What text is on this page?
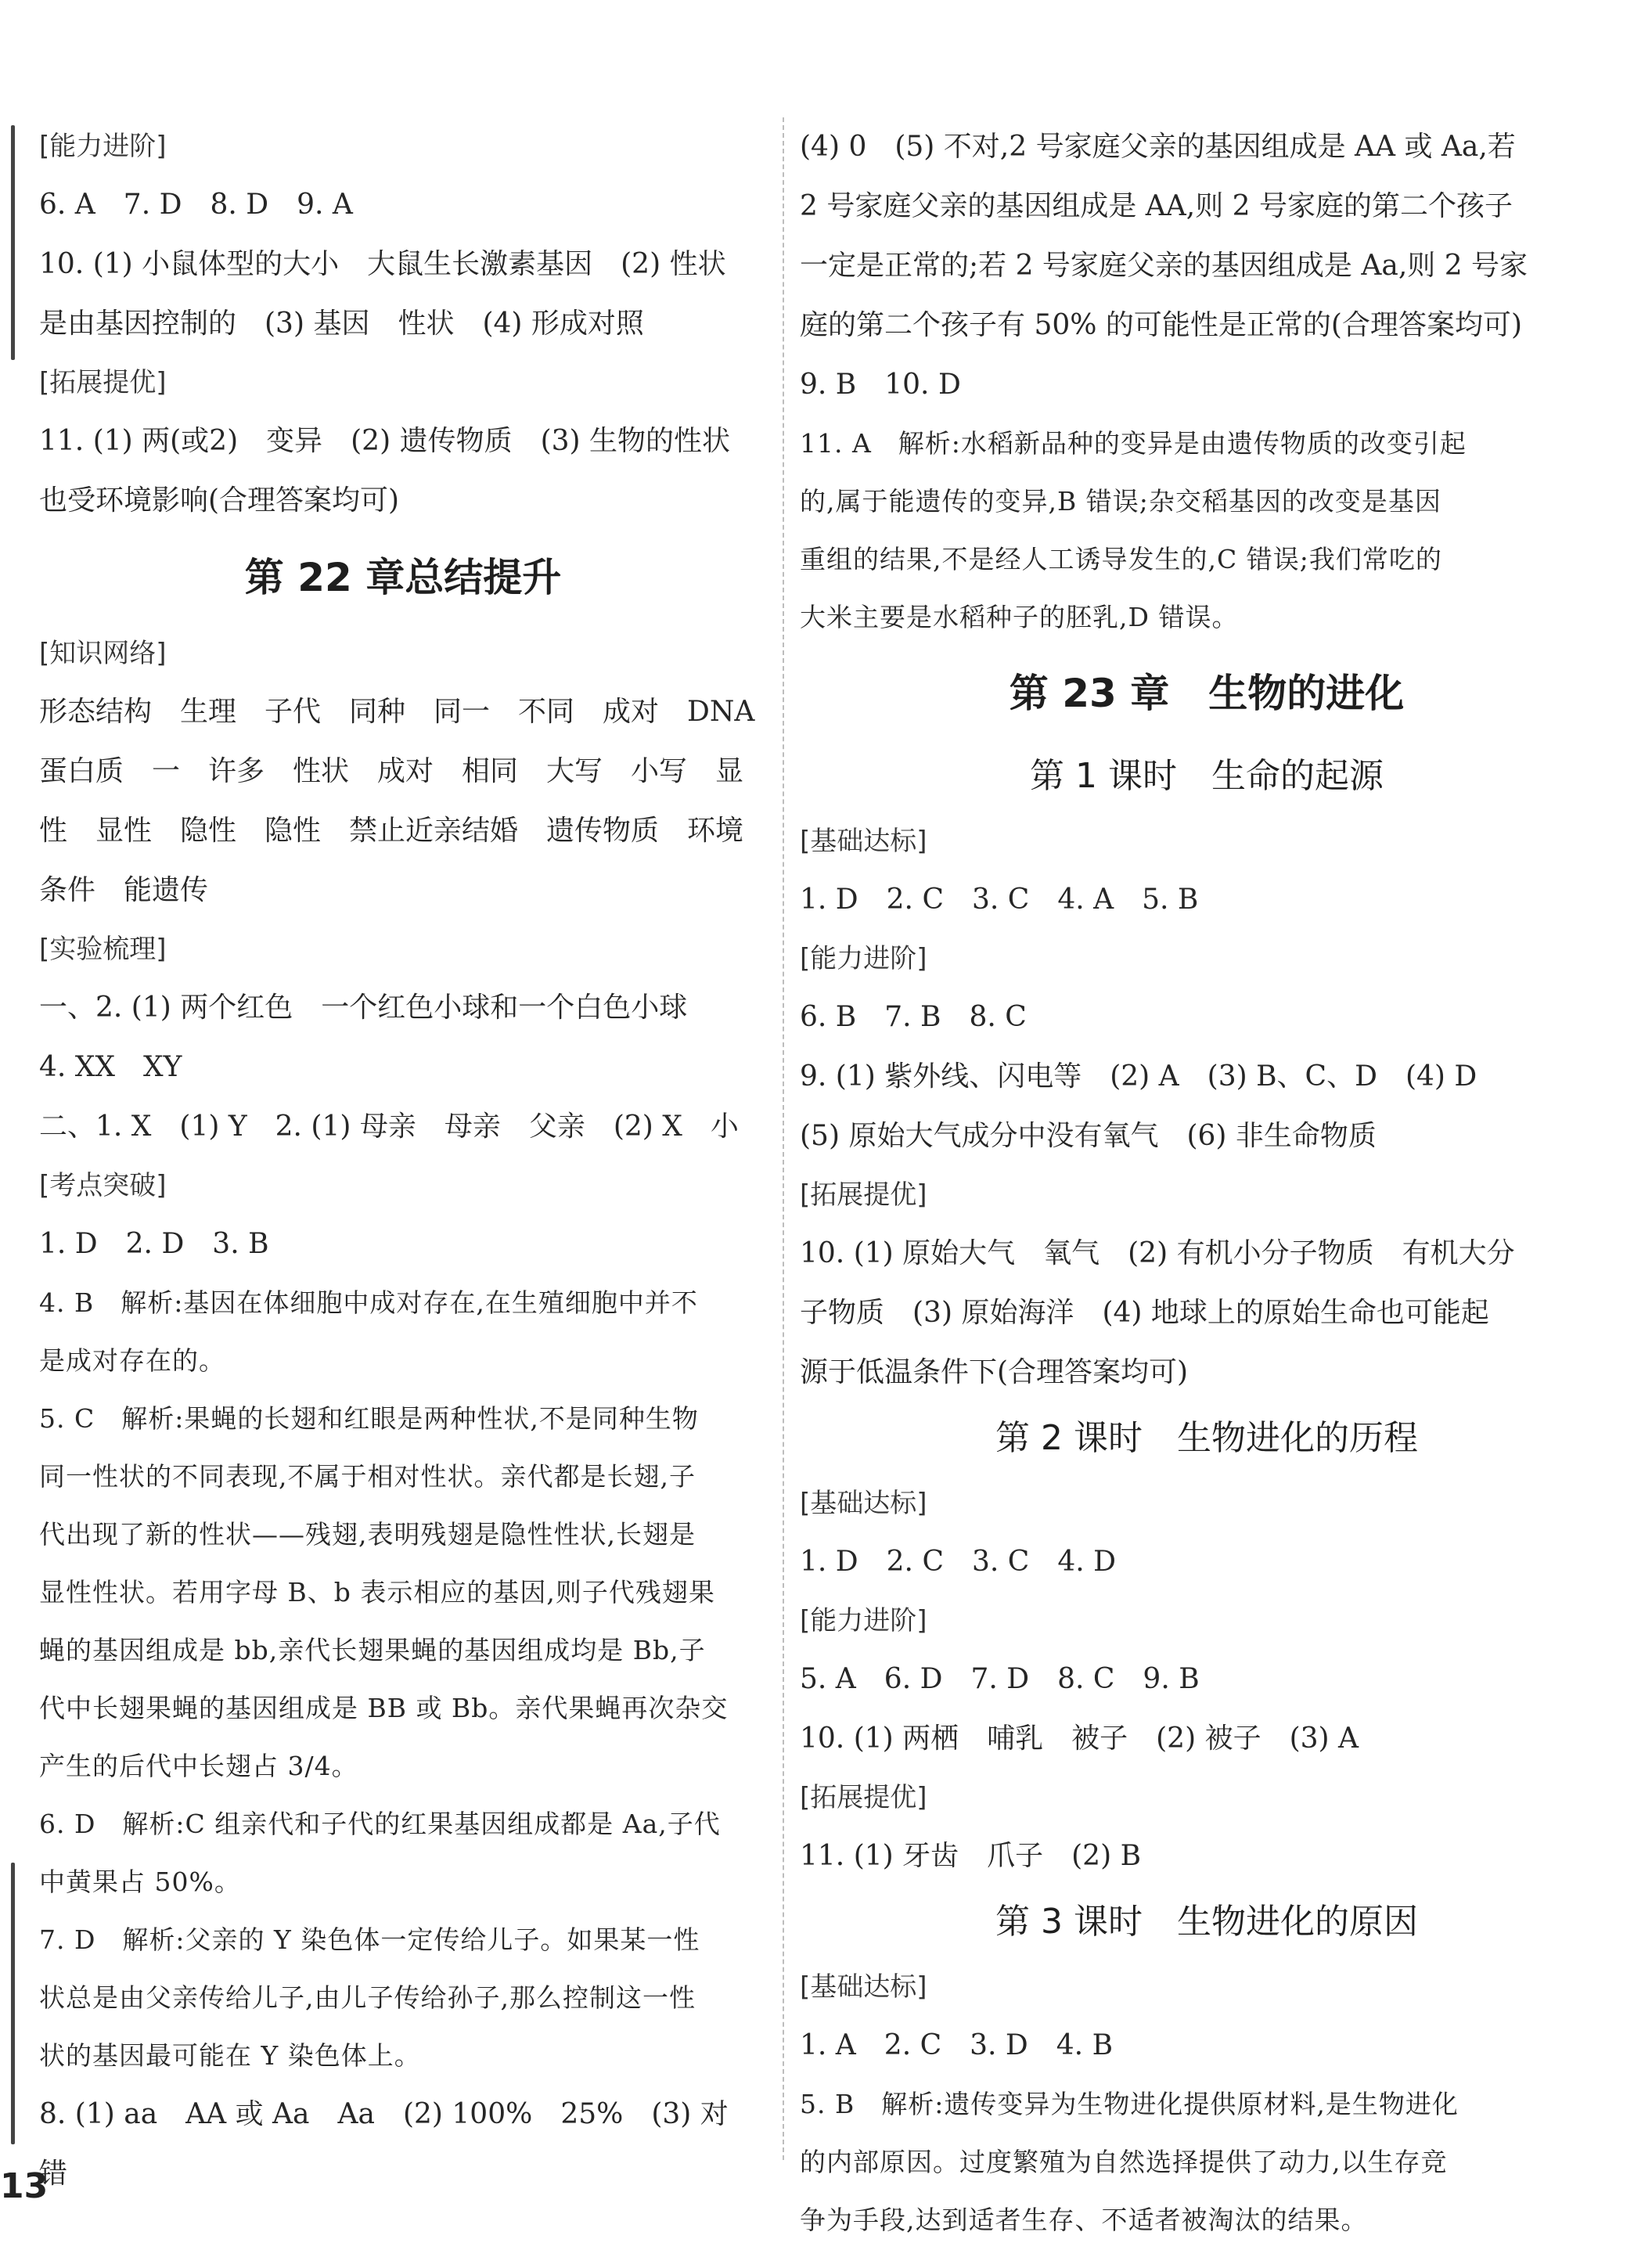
[能力进阶]
6. A　7. D　8. D　9. A
10. (1) 小鼠体型的大小　大鼠生长激素基因　(2) 性状
是由基因控制的　(3) 基因　性状　(4) 形成对照
[拓展提优]
11. (1) 两(或2)　变异　(2) 遗传物质　(3) 生物的性状
也受环境影响(合理答案均可)
第 22 章总结提升
[知识网络]
形态结构　生理　子代　同种　同一　不同　成对　DNA
蛋白质　一　许多　性状　成对　相同　大写　小写　显
性　显性　隐性　隐性　禁止近亲结婚　遗传物质　环境
条件　能遗传
[实验梳理]
一、2. (1) 两个红色　一个红色小球和一个白色小球
4. XX　XY
二、1. X　(1) Y　2. (1) 母亲　母亲　父亲　(2) X　小
[考点突破]
1. D　2. D　3. B
4. B　解析:基因在体细胞中成对存在,在生殖细胞中并不
是成对存在的。
5. C　解析:果蝇的长翅和红眼是两种性状,不是同种生物
同一性状的不同表现,不属于相对性状。亲代都是长翅,子
代出现了新的性状——残翅,表明残翅是隐性性状,长翅是
显性性状。若用字母 B、b 表示相应的基因,则子代残翅果
蝇的基因组成是 bb,亲代长翅果蝇的基因组成均是 Bb,子
代中长翅果蝇的基因组成是 BB 或 Bb。亲代果蝇再次杂交
产生的后代中长翅占 3/4。
6. D　解析:C 组亲代和子代的红果基因组成都是 Aa,子代
中黄果占 50%。
7. D　解析:父亲的 Y 染色体一定传给儿子。如果某一性
状总是由父亲传给儿子,由儿子传给孙子,那么控制这一性
状的基因最可能在 Y 染色体上。
8. (1) aa　AA 或 Aa　Aa　(2) 100%　25%　(3) 对　错
(4) 0　(5) 不对,2 号家庭父亲的基因组成是 AA 或 Aa,若
2 号家庭父亲的基因组成是 AA,则 2 号家庭的第二个孩子
一定是正常的;若 2 号家庭父亲的基因组成是 Aa,则 2 号家
庭的第二个孩子有 50% 的可能性是正常的(合理答案均可)
9. B　10. D
11. A　解析:水稻新品种的变异是由遗传物质的改变引起
的,属于能遗传的变异,B 错误;杂交稻基因的改变是基因
重组的结果,不是经人工诱导发生的,C 错误;我们常吃的
大米主要是水稻种子的胚乳,D 错误。
第 23 章　生物的进化
第 1 课时　生命的起源
[基础达标]
1. D　2. C　3. C　4. A　5. B
[能力进阶]
6. B　7. B　8. C
9. (1) 紫外线、闪电等　(2) A　(3) B、C、D　(4) D
(5) 原始大气成分中没有氧气　(6) 非生命物质
[拓展提优]
10. (1) 原始大气　氧气　(2) 有机小分子物质　有机大分
子物质　(3) 原始海洋　(4) 地球上的原始生命也可能起
源于低温条件下(合理答案均可)
第 2 课时　生物进化的历程
[基础达标]
1. D　2. C　3. C　4. D
[能力进阶]
5. A　6. D　7. D　8. C　9. B
10. (1) 两栖　哺乳　被子　(2) 被子　(3) A
[拓展提优]
11. (1) 牙齿　爪子　(2) B
第 3 课时　生物进化的原因
[基础达标]
1. A　2. C　3. D　4. B
5. B　解析:遗传变异为生物进化提供原材料,是生物进化
的内部原因。过度繁殖为自然选择提供了动力,以生存竞
争为手段,达到适者生存、不适者被淘汰的结果。
13
